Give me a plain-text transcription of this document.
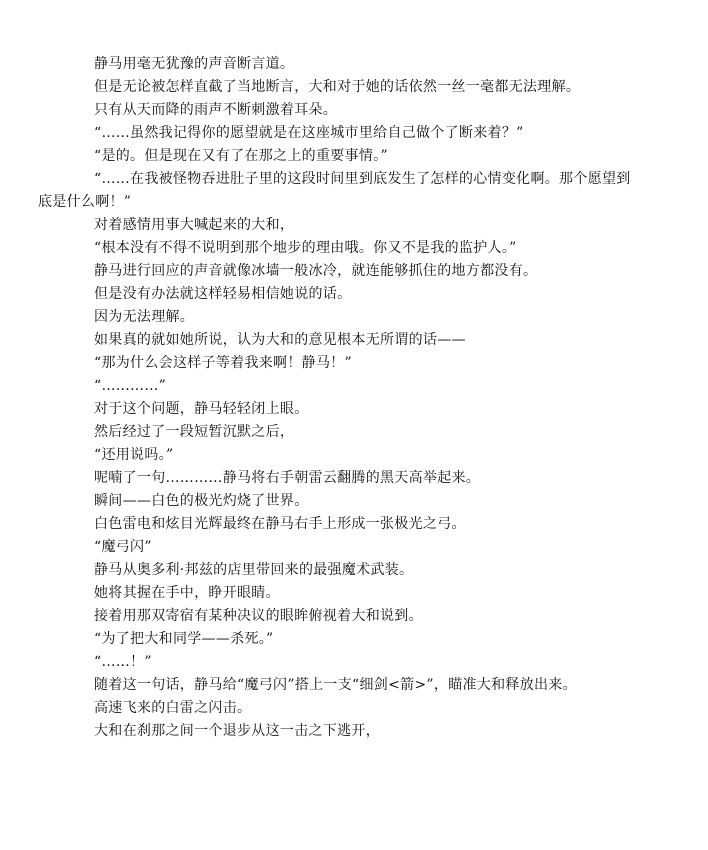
静马用毫无犹豫的声音断言道。

但是无论被怎样直截了当地断言，大和对于她的话依然一丝一毫都无法理解。

只有从天而降的雨声不断刺激着耳朵。

“……虽然我记得你的愿望就是在这座城市里给自己做个了断来着？”

“是的。但是现在又有了在那之上的重要事情。”

“……在我被怪物吞进肚子里的这段时间里到底发生了怎样的心情变化啊。那个愿望到底是什么啊！”

对着感情用事大喊起来的大和，

“根本没有不得不说明到那个地步的理由哦。你又不是我的监护人。”

静马进行回应的声音就像冰墙一般冰冷，就连能够抓住的地方都没有。

但是没有办法就这样轻易相信她说的话。

因为无法理解。

如果真的就如她所说，认为大和的意见根本无所谓的话——

“那为什么会这样子等着我来啊！静马！”

“…………”

对于这个问题，静马轻轻闭上眼。

然后经过了一段短暂沉默之后，

“还用说吗。”

呢喃了一句…………静马将右手朝雷云翻腾的黑天高举起来。

瞬间——白色的极光灼烧了世界。

白色雷电和炫目光辉最终在静马右手上形成一张极光之弓。

“魔弓闪”

静马从奥多利·邦兹的店里带回来的最强魔术武装。

她将其握在手中，睁开眼睛。

接着用那双寄宿有某种决议的眼眸俯视着大和说到。

“为了把大和同学——杀死。”

“……！”

随着这一句话，静马给“魔弓闪”搭上一支“细剑<箭>”，瞄准大和释放出来。

高速飞来的白雷之闪击。

大和在刹那之间一个退步从这一击之下逃开，
